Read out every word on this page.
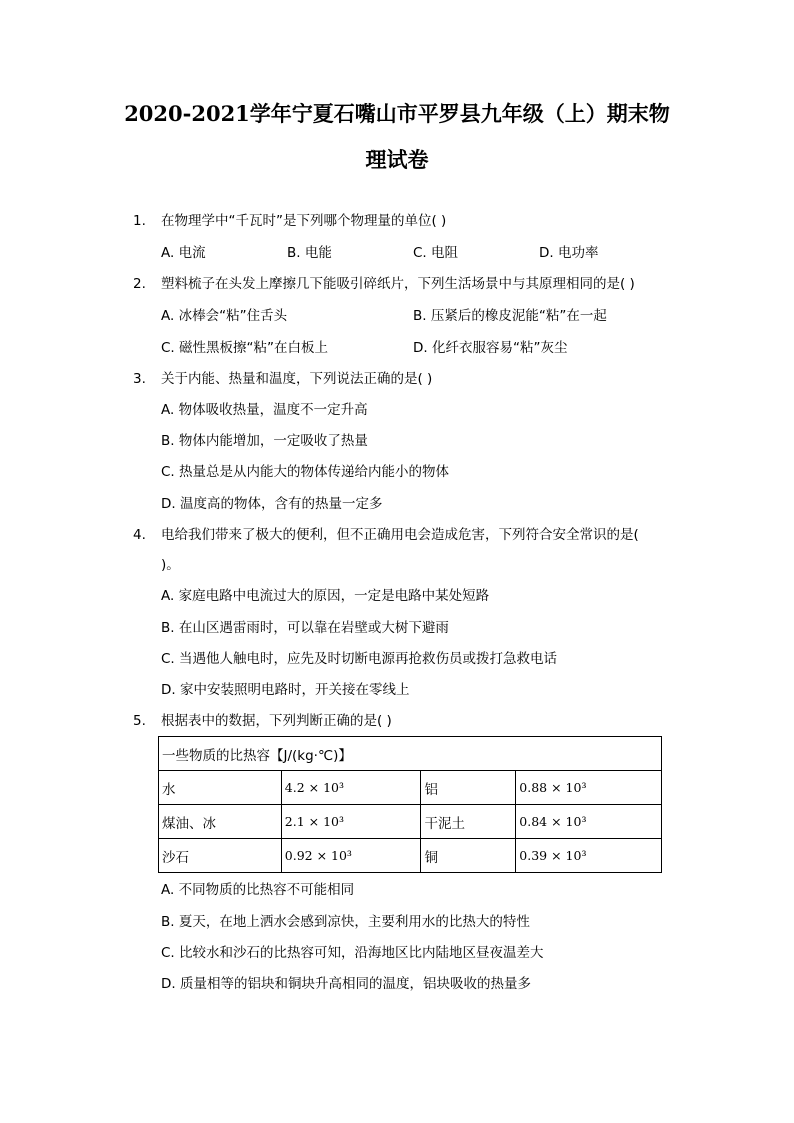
2020-2021学年宁夏石嘴山市平罗县九年级（上）期末物
理试卷
1. 在物理学中“千瓦时”是下列哪个物理量的单位( )
A. 电流	B. 电能	C. 电阻	D. 电功率
2. 塑料梳子在头发上摩擦几下能吸引碎纸片，下列生活场景中与其原理相同的是( )
A. 冰棒会“粘”住舌头	B. 压紧后的橡皮泥能“粘”在一起
C. 磁性黑板擦“粘”在白板上	D. 化纤衣服容易“粘”灰尘
3. 关于内能、热量和温度，下列说法正确的是( )
A. 物体吸收热量，温度不一定升高
B. 物体内能增加，一定吸收了热量
C. 热量总是从内能大的物体传递给内能小的物体
D. 温度高的物体，含有的热量一定多
4. 电给我们带来了极大的便利，但不正确用电会造成危害，下列符合安全常识的是(
)。
A. 家庭电路中电流过大的原因，一定是电路中某处短路
B. 在山区遇雷雨时，可以靠在岩壁或大树下避雨
C. 当遇他人触电时，应先及时切断电源再抢救伤员或拨打急救电话
D. 家中安装照明电路时，开关接在零线上
5. 根据表中的数据，下列判断正确的是( )
一些物质的比热容【J/(kg·℃)】			
水	4.2 × 10³	铝	0.88 × 10³
煤油、冰	2.1 × 10³	干泥土	0.84 × 10³
沙石	0.92 × 10³	铜	0.39 × 10³
A. 不同物质的比热容不可能相同
B. 夏天，在地上洒水会感到凉快，主要利用水的比热大的特性
C. 比较水和沙石的比热容可知，沿海地区比内陆地区昼夜温差大
D. 质量相等的铝块和铜块升高相同的温度，铝块吸收的热量多
